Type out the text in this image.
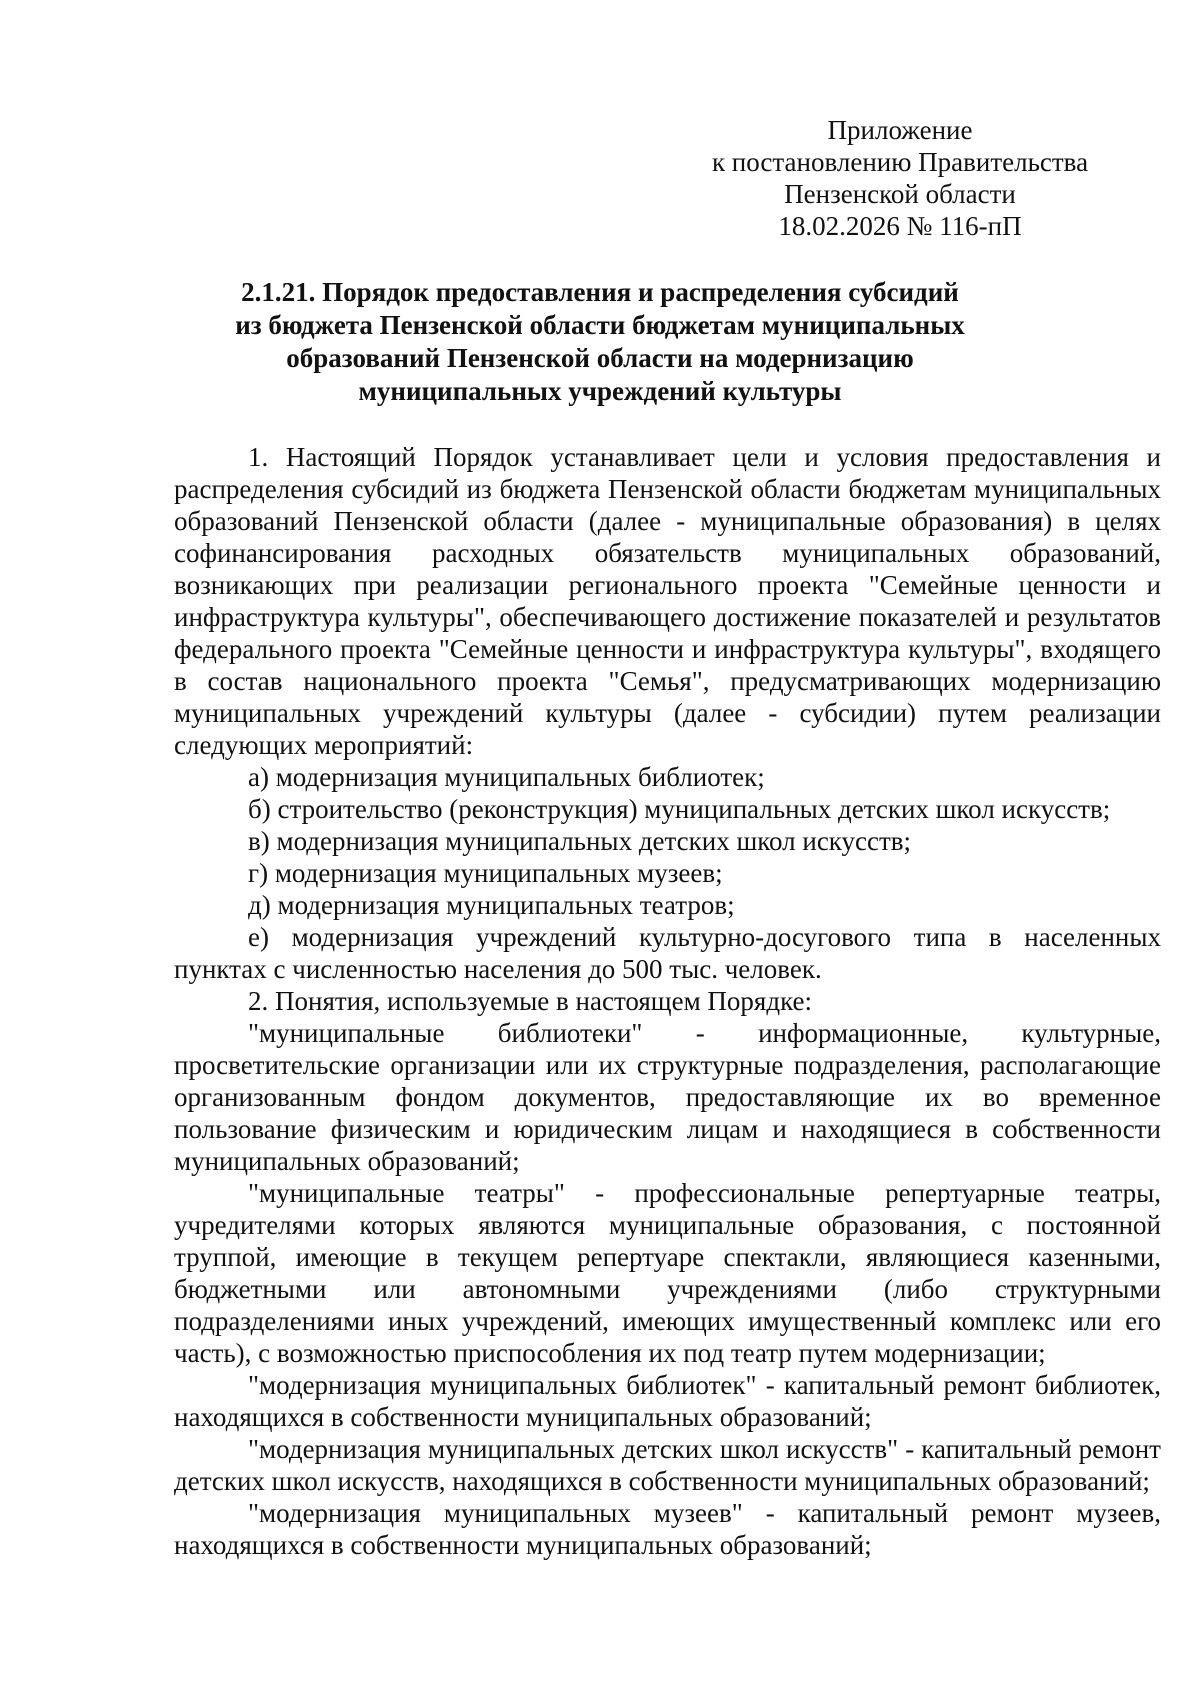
Приложение
к постановлению Правительства
Пензенской области
18.02.2026 № 116-пП
2.1.21. Порядок предоставления и распределения субсидий
из бюджета Пензенской области бюджетам муниципальных
образований Пензенской области на модернизацию
муниципальных учреждений культуры

1. Настоящий Порядок устанавливает цели и условия предоставления и распределения субсидий из бюджета Пензенской области бюджетам муниципальных образований Пензенской области (далее - муниципальные образования) в целях софинансирования расходных обязательств муниципальных образований, возникающих при реализации регионального проекта "Семейные ценности и инфраструктура культуры", обеспечивающего достижение показателей и результатов федерального проекта "Семейные ценности и инфраструктура культуры", входящего в состав национального проекта "Семья", предусматривающих модернизацию муниципальных учреждений культуры (далее - субсидии) путем реализации следующих мероприятий:

а) модернизация муниципальных библиотек;

б) строительство (реконструкция) муниципальных детских школ искусств;

в) модернизация муниципальных детских школ искусств;

г) модернизация муниципальных музеев;

д) модернизация муниципальных театров;

е) модернизация учреждений культурно-досугового типа в населенных пунктах с численностью населения до 500 тыс. человек.

2. Понятия, используемые в настоящем Порядке:

"муниципальные библиотеки" - информационные, культурные, просветительские организации или их структурные подразделения, располагающие организованным фондом документов, предоставляющие их во временное пользование физическим и юридическим лицам и находящиеся в собственности муниципальных образований;

"муниципальные театры" - профессиональные репертуарные театры, учредителями которых являются муниципальные образования, с постоянной труппой, имеющие в текущем репертуаре спектакли, являющиеся казенными, бюджетными или автономными учреждениями (либо структурными подразделениями иных учреждений, имеющих имущественный комплекс или его часть), с возможностью приспособления их под театр путем модернизации;

"модернизация муниципальных библиотек" - капитальный ремонт библиотек, находящихся в собственности муниципальных образований;

"модернизация муниципальных детских школ искусств" - капитальный ремонт детских школ искусств, находящихся в собственности муниципальных образований;

"модернизация муниципальных музеев" - капитальный ремонт музеев, находящихся в собственности муниципальных образований;
